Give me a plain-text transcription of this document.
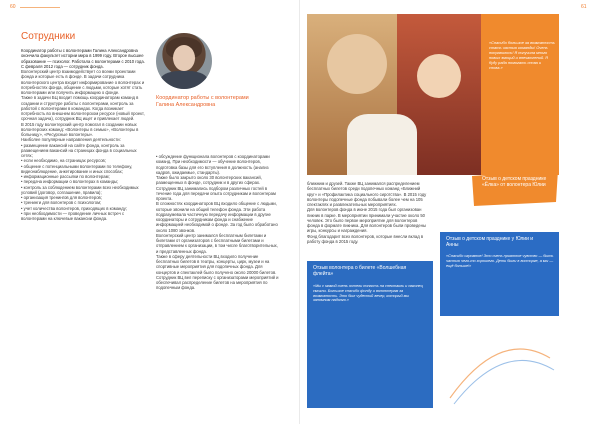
60
Сотрудники

Координатор работы с волонтерами Галина Александровна окончила факультет истории мира в 1999 году. Второе высшее образование — психолог. Работала с волонтерами с 2010 года. С февраля 2012 года — сотрудник фонда.

Волонтерский центр взаимодействует со всеми проектами фонда и которые есть в фонде. В задачи сотрудника волонтерского центра входит информирование о волонтерах и потребностях фонда, общение с людьми, которые хотят стать волонтерами или получить информацию о фонде.

Также в задачи БЦ входит помощь координаторам команд в создании и структуре работы с волонтерами, контроль за работой с волонтерами в командах. Когда возникает потребность во внешнем волонтерском ресурсе (новый проект, срочная задача), сотрудник ВЦ ищет и привлекает людей.

В 2015 году волонтерский центр помогал в создании новых волонтерских команд: «Волонтеры в семью», «Волонтеры в больницу», «Ресурсные волонтеры».

Наиболее популярные направления деятельности:

• размещение вакансий на сайте фонда, контроль за размещением вакансий на страницах фонда в социальных сетях;

• если необходимо, на страницах ресурсов;

• общение с потенциальными волонтерами по телефону, видеонаблюдение, анкетирование и иных способах;

• информационные рассылки по волонтерам;

• передача информации о волонтерах в команды;

• контроль за соблюдением волонтерами всех необходимых условий (договор, соглашение, правила);

• организация тренингов для волонтеров;

• тренинги для волонтеров с психологом;

• учет количества волонтеров, приходящих в команду;

• при необходимости — проведение личных встреч с волонтерами на ключевые вакансии фонда.

Координатор работы с волонтерами
Галина Александровна

• обсуждение функционала волонтеров с координаторами команд. При необходимости — обучение волонтеров, подготовка базы для его вступления в должность (анализ кадров, ожидаемые, стандарты).

Также было закрыто около 30 волонтерских вакансий, размещенных в фонде, сотрудник и в других сферах.

Сотрудник ВЦ занимались подбором различных гостей в течение года для передачи опыта сотрудникам и волонтерам проекта.

В сложностях координаторов ВЦ входило общение с людьми, которые звонили на общий телефон фонда. Эти работа подразумевала частичную передачу информации в другие координаторы и сотрудникам фонда и снабжение информацией необходимой о фонде. За год было обработано около 1080 звонков.

Волонтерский центр занимался бесплатным билетами и билетами от организаторов с бесплатными билетами и отправлением к организации, в том числе благотворительных, и представленных фонда.

Также в сферу деятельности ВЦ входило получение бесплатных билетов в театры, концерты, цирк, музеи и на спортивные мероприятия для подопечных фонда. Для концертов и спектаклей было получено около 20000 билетов. Сотрудник ВЦ вел переписку с организаторами мероприятий и обеспечивал распределение билетов на мероприятия по подопечным фонда.

61
«Спасибо большое за возможность стать частью команды! Очень понравилось! Я получила много новых эмоций и впечатлений. Я буду рада помогать снова и снова.»
Отзыв о детском празднике «Ёлка» от волонтера Юлии

ближним и друзей. Также ВЦ занимался распределением бесплатных билетов среди подопечных команд «Ближний круг» и «Профилактика социального сиротства». В 2015 году волонтеры подопечные фонда побывали более чем на 105 спектаклях и развлекательных мероприятиях.

Для волонтеров фонда в июне 2015 года был организован пикник в парке. В мероприятии принимали участие около 50 человек. Это было первое мероприятие для волонтеров фонда в формате пикника. Для волонтеров были проведены игры, конкурсы и награждения.

Фонд благодарит всех волонтеров, которые внесли вклад в работу фонда в 2015 году.	Отзыв о детском празднике у Юлии и Анны
«Спасибо огромное! Это очень приятное чувство — быть частью чего-то хорошего. Дети были в восторге, а мы — ещё больше!»
Отзыв волонтера о билете «Волшебная флейта»
«Мы с мамой очень хотели попасть на спектакль и наконец смогли. Большое спасибо фонду и волонтерам за возможность. Это был чудесный вечер, который мы запомним надолго.»
